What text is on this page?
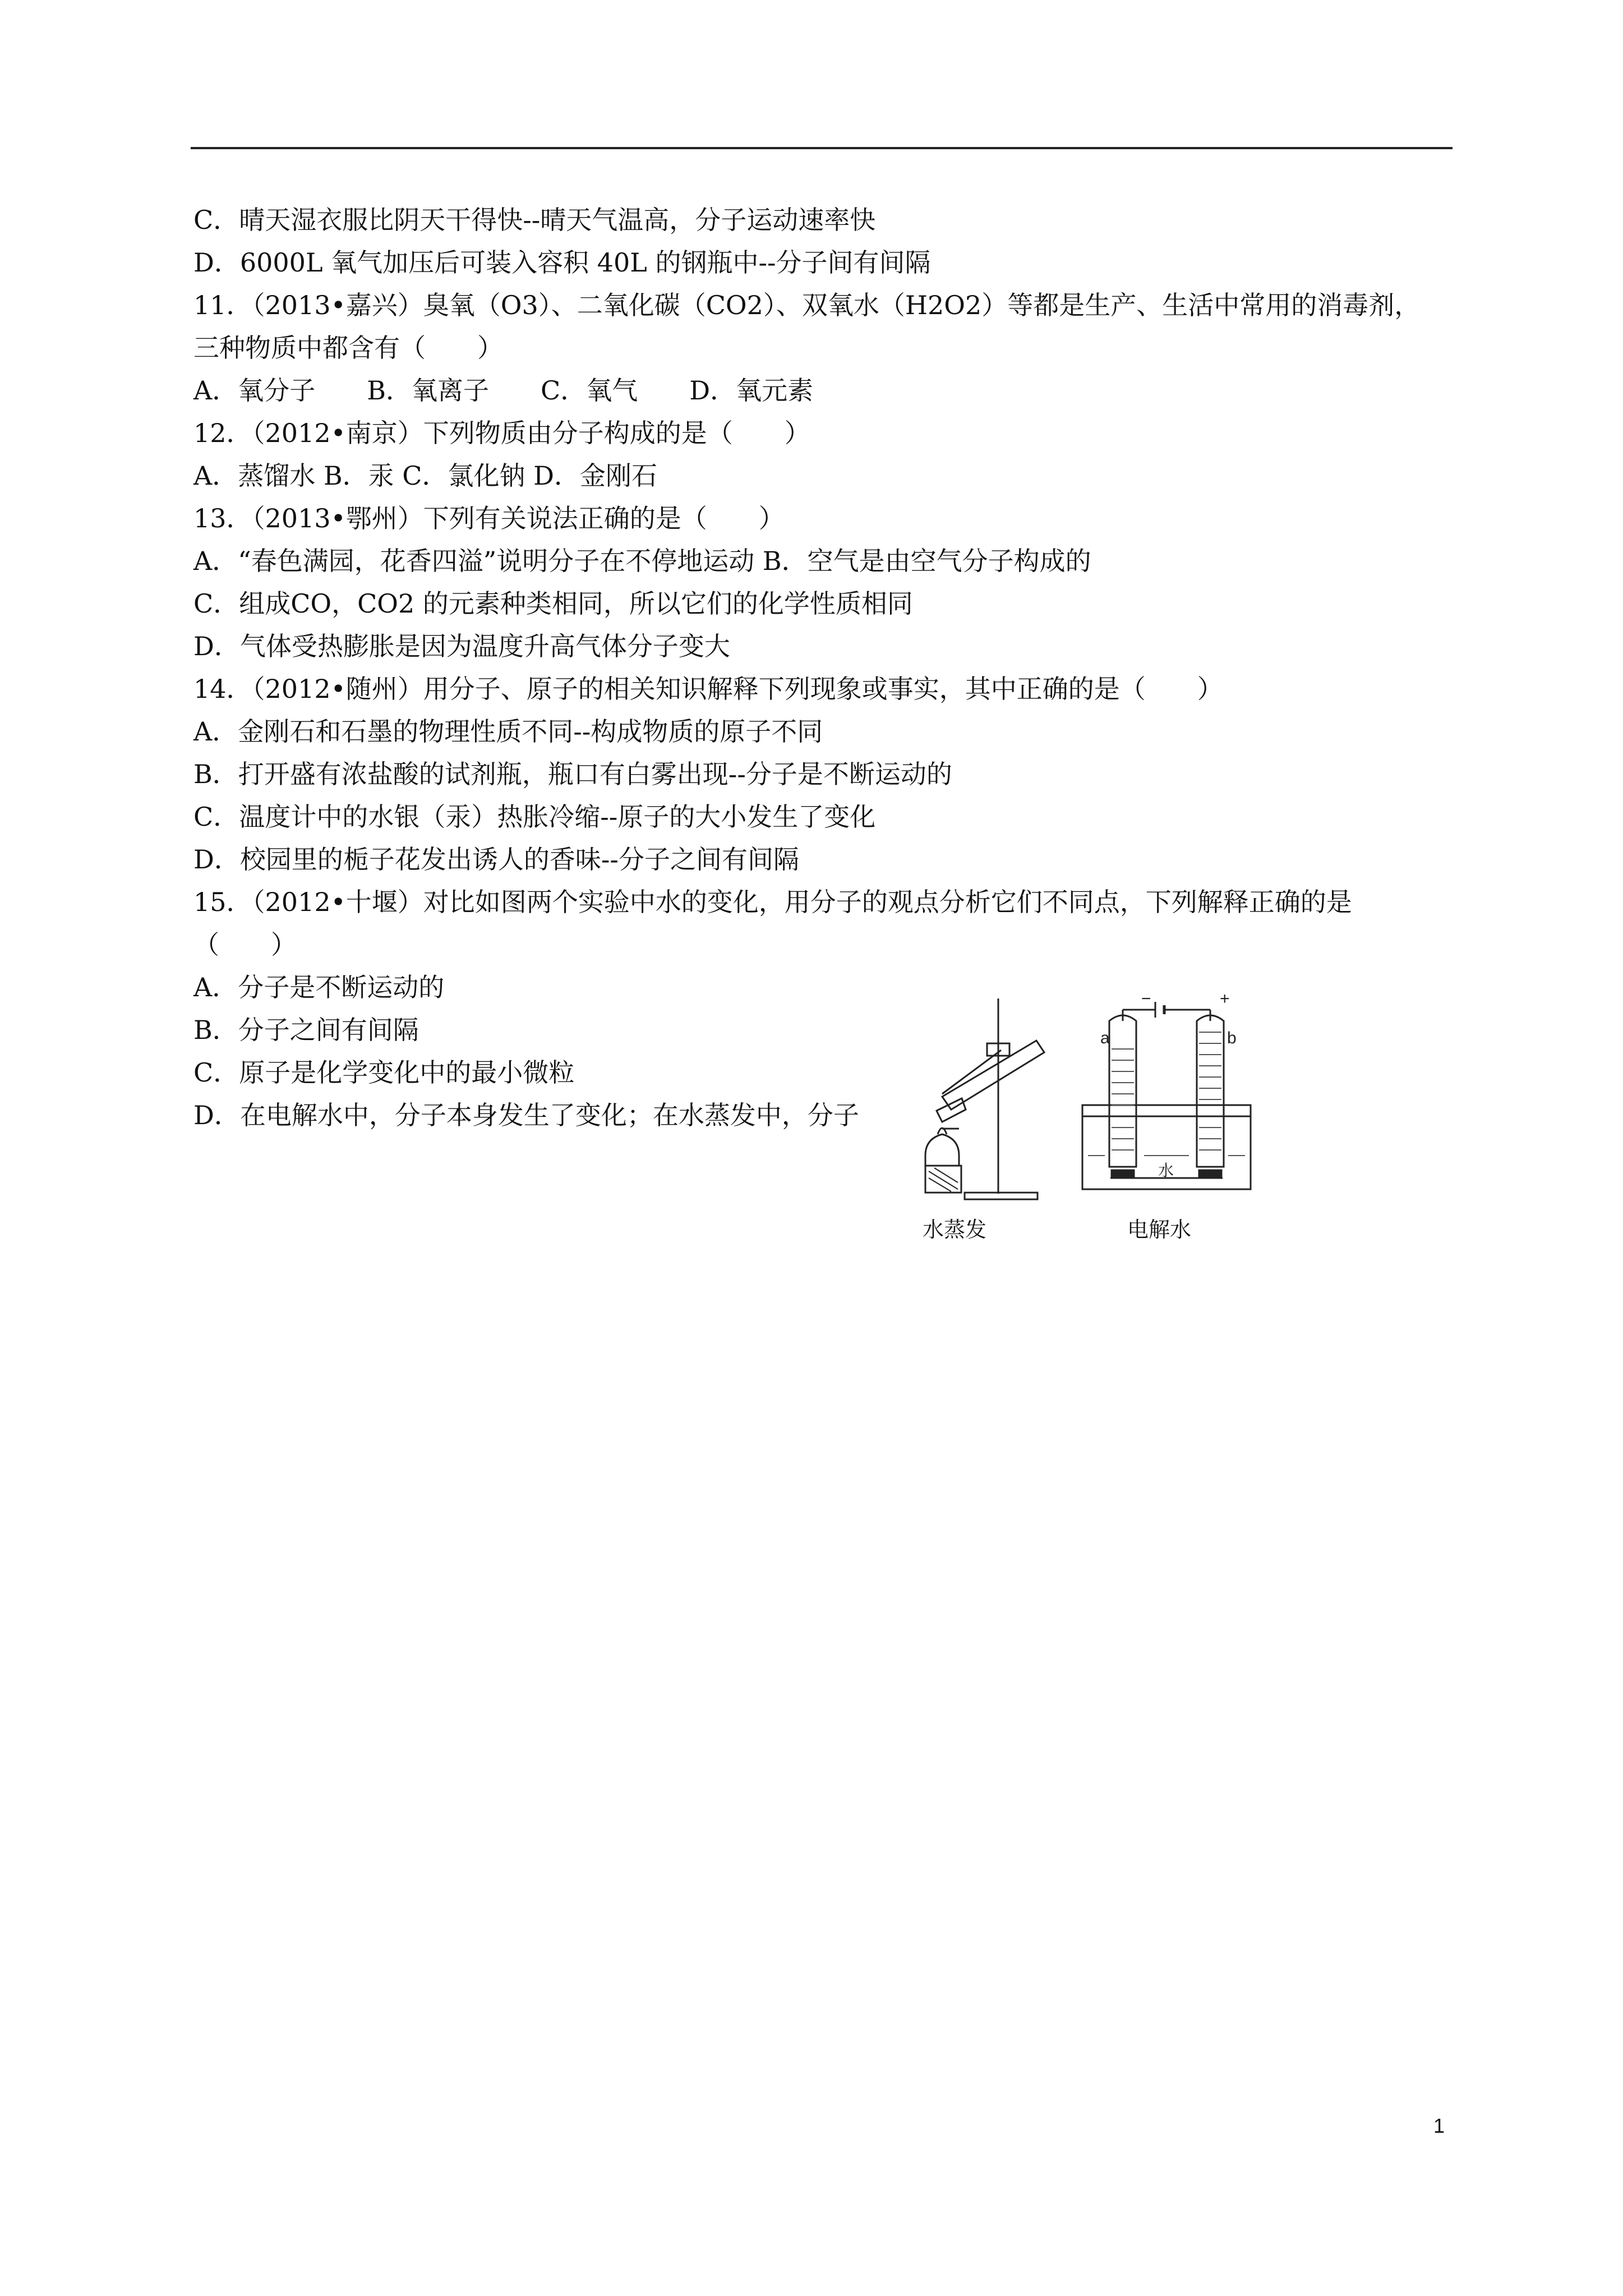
C．晴天湿衣服比阴天干得快--晴天气温高，分子运动速率快
D．6000L 氧气加压后可装入容积 40L 的钢瓶中--分子间有间隔
11．（2013•嘉兴）臭氧（O3）、二氧化碳（CO2）、双氧水（H2O2）等都是生产、生活中常用的消毒剂，
三种物质中都含有（　　）
A．氧分子　　B．氧离子　　C．氧气　　D．氧元素
12．（2012•南京）下列物质由分子构成的是（　　）
A．蒸馏水 B．汞 C．氯化钠 D．金刚石
13．（2013•鄂州）下列有关说法正确的是（　　）
A．“春色满园，花香四溢”说明分子在不停地运动 B．空气是由空气分子构成的
C．组成CO，CO2 的元素种类相同，所以它们的化学性质相同
D．气体受热膨胀是因为温度升高气体分子变大
14．（2012•随州）用分子、原子的相关知识解释下列现象或事实，其中正确的是（　　）
A．金刚石和石墨的物理性质不同--构成物质的原子不同
B．打开盛有浓盐酸的试剂瓶，瓶口有白雾出现--分子是不断运动的
C．温度计中的水银（汞）热胀冷缩--原子的大小发生了变化
D．校园里的栀子花发出诱人的香味--分子之间有间隔
15．（2012•十堰）对比如图两个实验中水的变化，用分子的观点分析它们不同点，下列解释正确的是
（　　）
A．分子是不断运动的
B．分子之间有间隔
C．原子是化学变化中的最小微粒
D．在电解水中，分子本身发生了变化；在水蒸发中，分子
−	+
a	b
水
水蒸发	电解水
1
